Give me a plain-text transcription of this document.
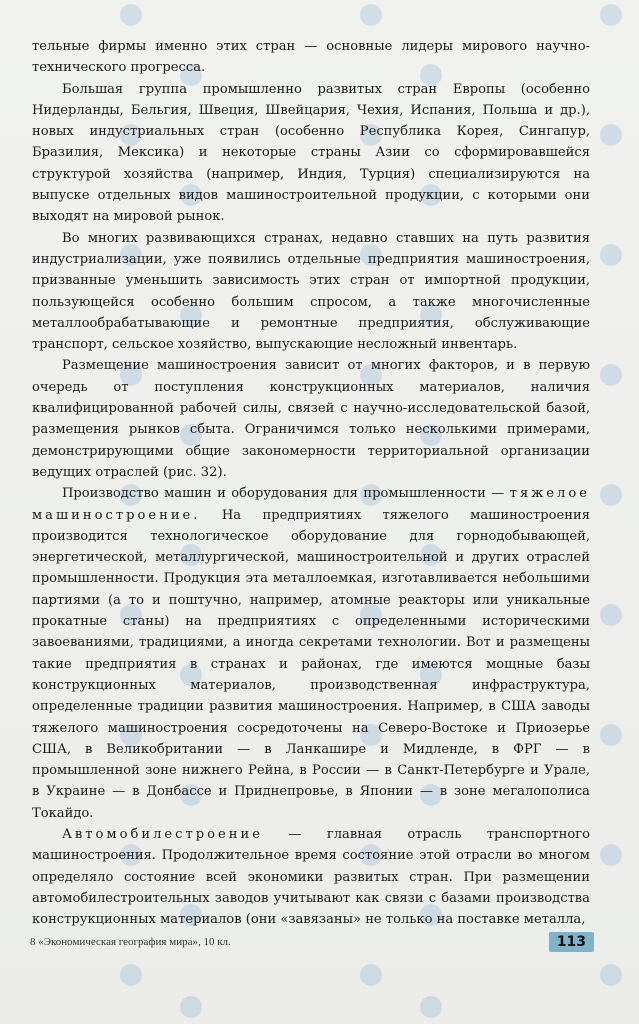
тельные фирмы именно этих стран — основные лидеры мирового научно-технического прогресса.

Большая группа промышленно развитых стран Европы (особенно Нидерланды, Бельгия, Швеция, Швейцария, Чехия, Испания, Польша и др.), новых индустриальных стран (особенно Республика Корея, Сингапур, Бразилия, Мексика) и некоторые страны Азии со сформировавшейся структурой хозяйства (например, Индия, Турция) специализируются на выпуске отдельных видов машиностроительной продукции, с которыми они выходят на мировой рынок.

Во многих развивающихся странах, недавно ставших на путь развития индустриализации, уже появились отдельные предприятия машиностроения, призванные уменьшить зависимость этих стран от импортной продукции, пользующейся особенно большим спросом, а также многочисленные металлообрабатывающие и ремонтные предприятия, обслуживающие транспорт, сельское хозяйство, выпускающие несложный инвентарь.

Размещение машиностроения зависит от многих факторов, и в первую очередь от поступления конструкционных материалов, наличия квалифицированной рабочей силы, связей с научно-исследовательской базой, размещения рынков сбыта. Ограничимся только несколькими примерами, демонстрирующими общие закономерности территориальной организации ведущих отраслей (рис. 32).

Производство машин и оборудования для промышленности — тяжелое машиностроение. На предприятиях тяжелого машиностроения производится технологическое оборудование для горнодобывающей, энергетической, металлургической, машиностроительной и других отраслей промышленности. Продукция эта металлоемкая, изготавливается небольшими партиями (а то и поштучно, например, атомные реакторы или уникальные прокатные станы) на предприятиях с определенными историческими завоеваниями, традициями, а иногда секретами технологии. Вот и размещены такие предприятия в странах и районах, где имеются мощные базы конструкционных материалов, производственная инфраструктура, определенные традиции развития машиностроения. Например, в США заводы тяжелого машиностроения сосредоточены на Северо-Востоке и Приозерье США, в Великобритании — в Ланкашире и Мидленде, в ФРГ — в промышленной зоне нижнего Рейна, в России — в Санкт-Петербурге и Урале, в Украине — в Донбассе и Приднепровье, в Японии — в зоне мегалополиса Токайдо.

Автомобилестроение — главная отрасль транспортного машиностроения. Продолжительное время состояние этой отрасли во многом определяло состояние всей экономики развитых стран. При размещении автомобилестроительных заводов учитывают как связи с базами производства конструкционных материалов (они «завязаны» не только на поставке металла,

8 «Экономическая география мира», 10 кл.	113
